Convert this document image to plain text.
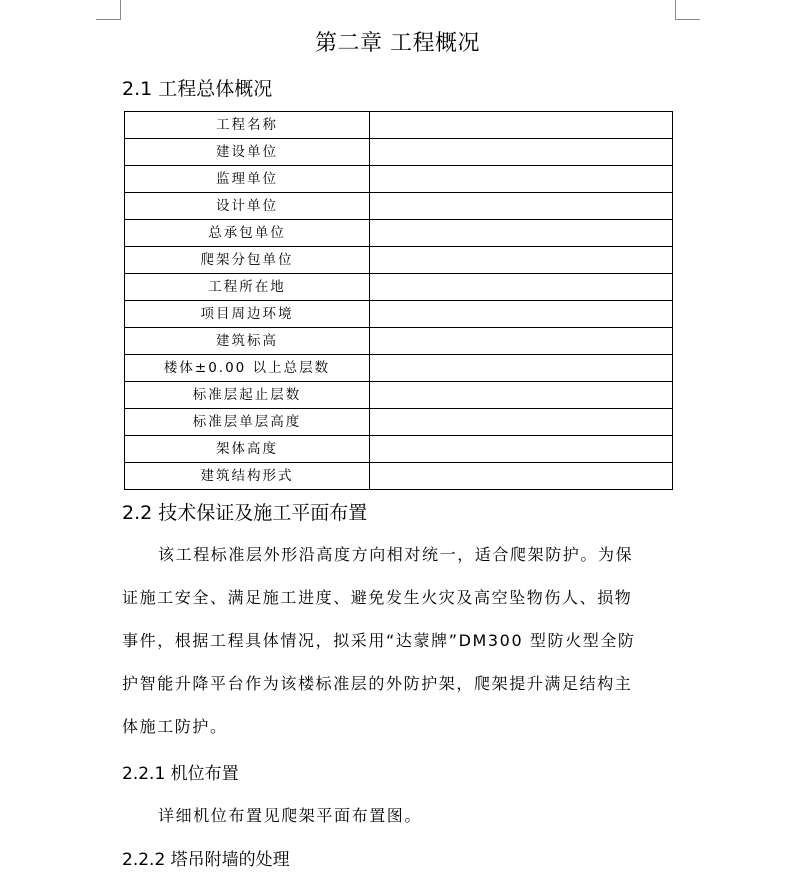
第二章 工程概况
2.1 工程总体概况
工程名称	
建设单位	
监理单位	
设计单位	
总承包单位	
爬架分包单位	
工程所在地	
项目周边环境	
建筑标高	
楼体±0.00 以上总层数	
标准层起止层数	
标准层单层高度	
架体高度	
建筑结构形式	
2.2 技术保证及施工平面布置
该工程标准层外形沿高度方向相对统一，适合爬架防护。为保
证施工安全、满足施工进度、避免发生火灾及高空坠物伤人、损物
事件，根据工程具体情况，拟采用“达蒙牌”DM300 型防火型全防
护智能升降平台作为该楼标准层的外防护架，爬架提升满足结构主
体施工防护。
2.2.1 机位布置
详细机位布置见爬架平面布置图。
2.2.2 塔吊附墙的处理
